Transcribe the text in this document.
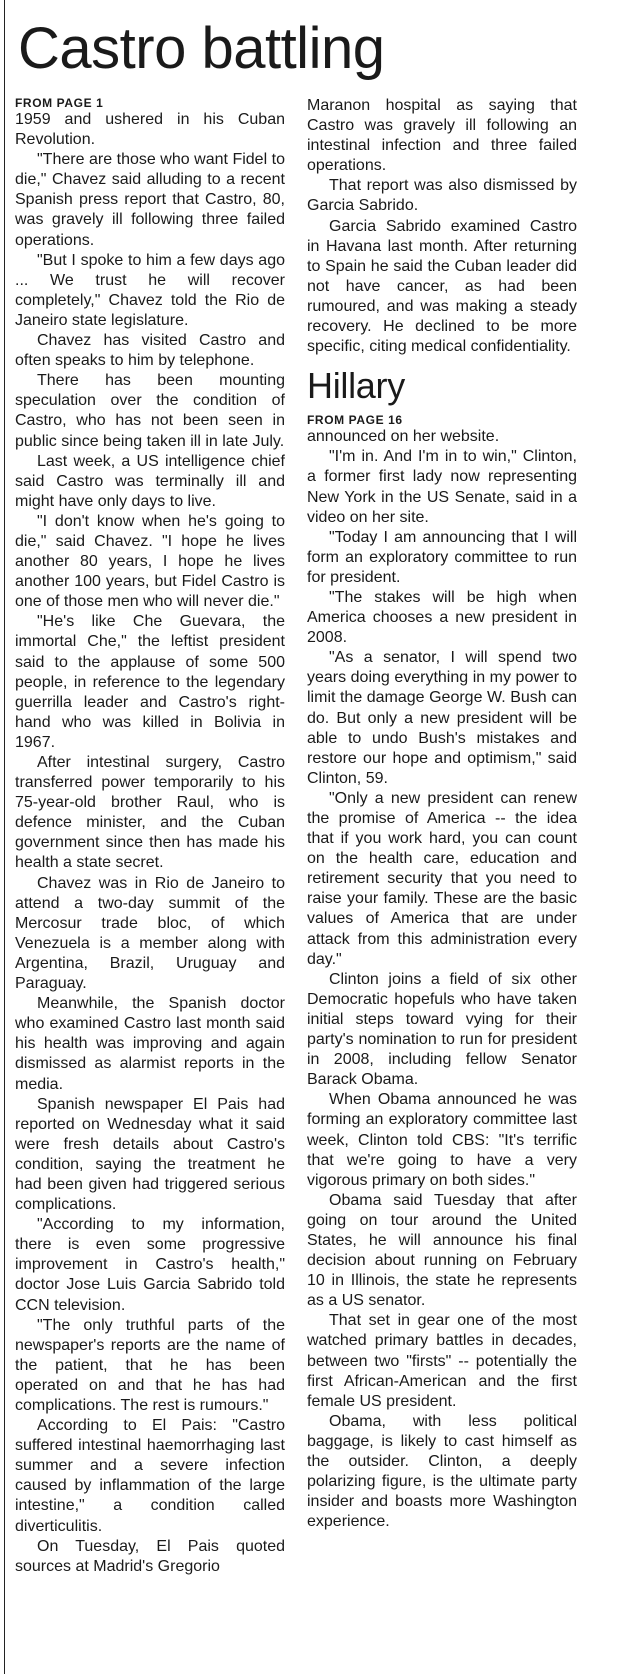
Castro battling

FROM PAGE 1

1959 and ushered in his Cuban Revolution.

"There are those who want Fidel to die," Chavez said alluding to a recent Spanish press report that Castro, 80, was gravely ill following three failed operations.

"But I spoke to him a few days ago ... We trust he will recover completely," Chavez told the Rio de Janeiro state legislature.

Chavez has visited Castro and often speaks to him by telephone.

There has been mounting speculation over the condition of Castro, who has not been seen in public since being taken ill in late July.

Last week, a US intelligence chief said Castro was terminally ill and might have only days to live.

"I don't know when he's going to die," said Chavez. "I hope he lives another 80 years, I hope he lives another 100 years, but Fidel Castro is one of those men who will never die."

"He's like Che Guevara, the immortal Che," the leftist president said to the applause of some 500 people, in reference to the legendary guerrilla leader and Castro's right-hand who was killed in Bolivia in 1967.

After intestinal surgery, Castro transferred power temporarily to his 75-year-old brother Raul, who is defence minister, and the Cuban government since then has made his health a state secret.

Chavez was in Rio de Janeiro to attend a two-day summit of the Mercosur trade bloc, of which Venezuela is a member along with Argentina, Brazil, Uruguay and Paraguay.

Meanwhile, the Spanish doctor who examined Castro last month said his health was improving and again dismissed as alarmist reports in the media.

Spanish newspaper El Pais had reported on Wednesday what it said were fresh details about Castro's condition, saying the treatment he had been given had triggered serious complications.

"According to my information, there is even some progressive improvement in Castro's health," doctor Jose Luis Garcia Sabrido told CCN television.

"The only truthful parts of the newspaper's reports are the name of the patient, that he has been operated on and that he has had complications. The rest is rumours."

According to El Pais: "Castro suffered intestinal haemorrhaging last summer and a severe infection caused by inflammation of the large intestine," a condition called diverticulitis.

On Tuesday, El Pais quoted sources at Madrid's Gregorio

Maranon hospital as saying that Castro was gravely ill following an intestinal infection and three failed operations.

That report was also dismissed by Garcia Sabrido.

Garcia Sabrido examined Castro in Havana last month. After returning to Spain he said the Cuban leader did not have cancer, as had been rumoured, and was making a steady recovery. He declined to be more specific, citing medical confidentiality.

Hillary

FROM PAGE 16

announced on her website.

"I'm in. And I'm in to win," Clinton, a former first lady now representing New York in the US Senate, said in a video on her site.

"Today I am announcing that I will form an exploratory committee to run for president.

"The stakes will be high when America chooses a new president in 2008.

"As a senator, I will spend two years doing everything in my power to limit the damage George W. Bush can do. But only a new president will be able to undo Bush's mistakes and restore our hope and optimism," said Clinton, 59.

"Only a new president can renew the promise of America -- the idea that if you work hard, you can count on the health care, education and retirement security that you need to raise your family. These are the basic values of America that are under attack from this administration every day."

Clinton joins a field of six other Democratic hopefuls who have taken initial steps toward vying for their party's nomination to run for president in 2008, including fellow Senator Barack Obama.

When Obama announced he was forming an exploratory committee last week, Clinton told CBS: "It's terrific that we're going to have a very vigorous primary on both sides."

Obama said Tuesday that after going on tour around the United States, he will announce his final decision about running on February 10 in Illinois, the state he represents as a US senator.

That set in gear one of the most watched primary battles in decades, between two "firsts" -- potentially the first African-American and the first female US president.

Obama, with less political baggage, is likely to cast himself as the outsider. Clinton, a deeply polarizing figure, is the ultimate party insider and boasts more Washington experience.
